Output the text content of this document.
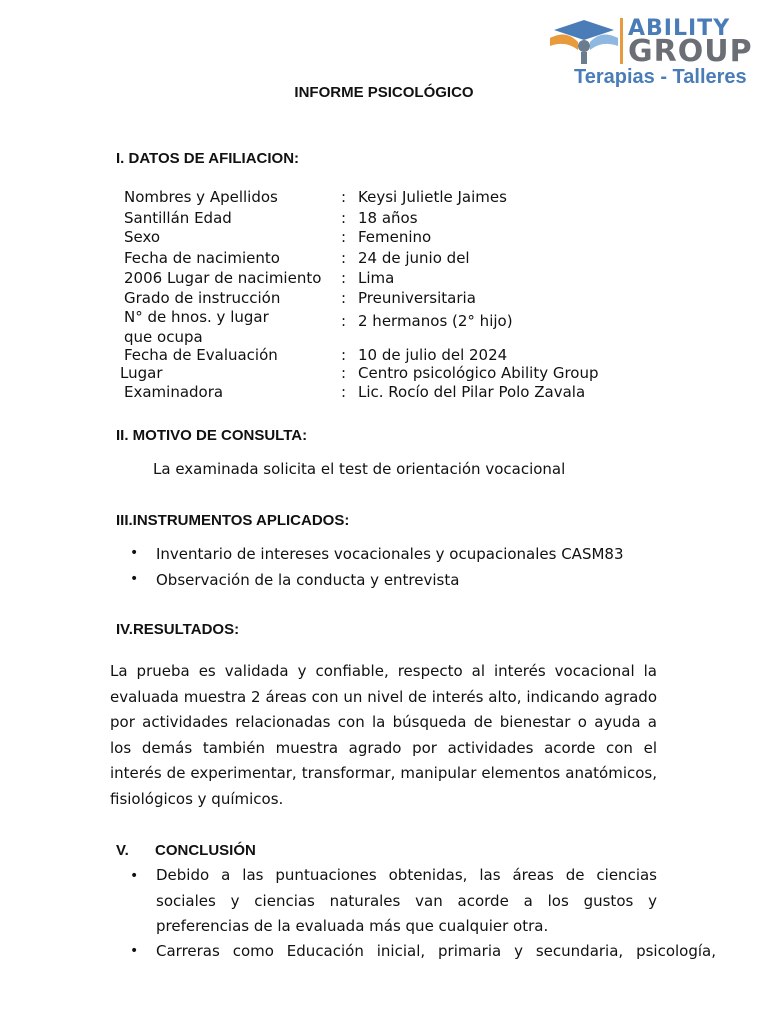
ABILITY
GROUP
Terapias - Talleres
INFORME PSICOLÓGICO
I. DATOS DE AFILIACION:
Nombres y Apellidos	: Keysi Julietle Jaimes
Santillán Edad	: 18 años
Sexo	: Femenino
Fecha de nacimiento	: 24 de junio del
2006 Lugar de nacimiento : Lima
Grado de instrucción	: Preuniversitaria
N° de hnos. y lugar
que ocupa
: 2 hermanos (2° hijo)
Fecha de Evaluación	: 10 de julio del 2024
Lugar	: Centro psicológico Ability Group
Examinadora	: Lic. Rocío del Pilar Polo Zavala
II. MOTIVO DE CONSULTA:
La examinada solicita el test de orientación vocacional
III.INSTRUMENTOS APLICADOS:
• Inventario de intereses vocacionales y ocupacionales CASM83
• Observación de la conducta y entrevista
IV.RESULTADOS:
La prueba es validada y confiable, respecto al interés vocacional la evaluada muestra 2 áreas con un nivel de interés alto, indicando agrado por actividades relacionadas con la búsqueda de bienestar o ayuda a los demás también muestra agrado por actividades acorde con el interés de experimentar, transformar, manipular elementos anatómicos, fisiológicos y químicos.
V. CONCLUSIÓN
• Debido a las puntuaciones obtenidas, las áreas de ciencias sociales y ciencias naturales van acorde a los gustos y preferencias de la evaluada más que cualquier otra.
• Carreras como Educación inicial, primaria y secundaria, psicología,
